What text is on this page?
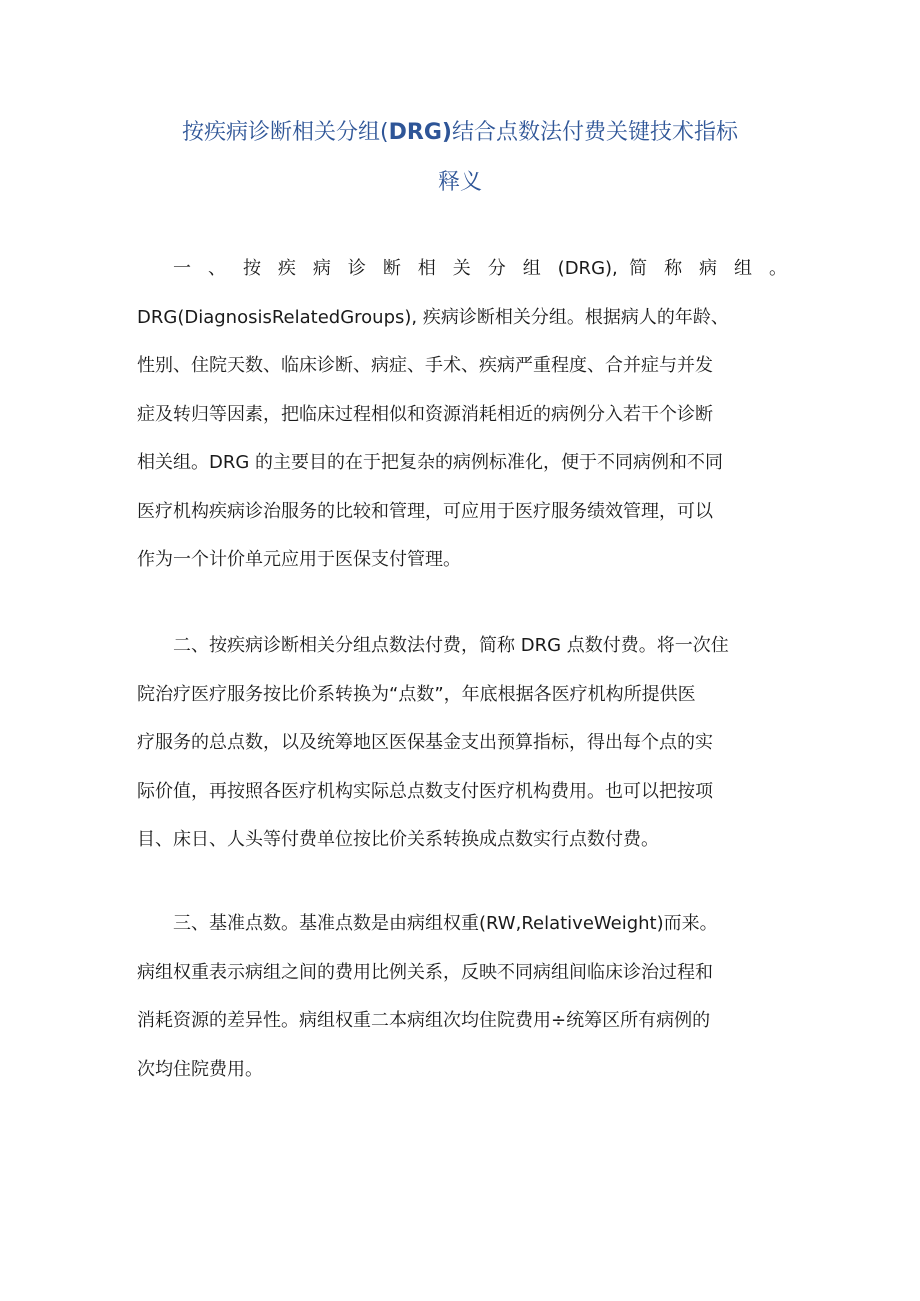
按疾病诊断相关分组(DRG)结合点数法付费关键技术指标
释义
一 、 按 疾 病 诊 断 相 关 分 组 (DRG), 简 称 病 组 。
DRG(DiagnosisRelatedGroups), 疾病诊断相关分组。根据病人的年龄、
性别、住院天数、临床诊断、病症、手术、疾病严重程度、合并症与并发
症及转归等因素，把临床过程相似和资源消耗相近的病例分入若干个诊断
相关组。DRG 的主要目的在于把复杂的病例标准化，便于不同病例和不同
医疗机构疾病诊治服务的比较和管理，可应用于医疗服务绩效管理，可以
作为一个计价单元应用于医保支付管理。
二、按疾病诊断相关分组点数法付费，简称 DRG 点数付费。将一次住
院治疗医疗服务按比价系转换为“点数”，年底根据各医疗机构所提供医
疗服务的总点数，以及统筹地区医保基金支出预算指标，得出每个点的实
际价值，再按照各医疗机构实际总点数支付医疗机构费用。也可以把按项
目、床日、人头等付费单位按比价关系转换成点数实行点数付费。
三、基准点数。基准点数是由病组权重(RW,RelativeWeight)而来。
病组权重表示病组之间的费用比例关系，反映不同病组间临床诊治过程和
消耗资源的差异性。病组权重二本病组次均住院费用÷统筹区所有病例的
次均住院费用。
